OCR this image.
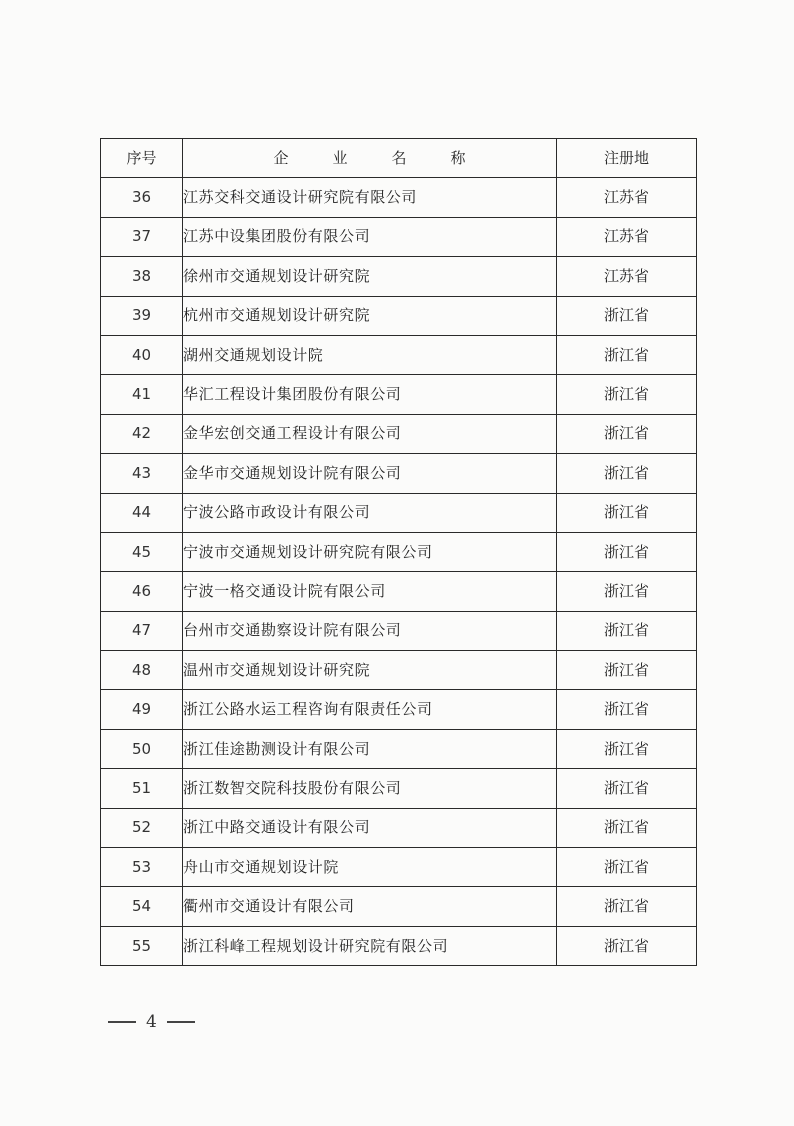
序号	企业名称	注册地
36	江苏交科交通设计研究院有限公司	江苏省
37	江苏中设集团股份有限公司	江苏省
38	徐州市交通规划设计研究院	江苏省
39	杭州市交通规划设计研究院	浙江省
40	湖州交通规划设计院	浙江省
41	华汇工程设计集团股份有限公司	浙江省
42	金华宏创交通工程设计有限公司	浙江省
43	金华市交通规划设计院有限公司	浙江省
44	宁波公路市政设计有限公司	浙江省
45	宁波市交通规划设计研究院有限公司	浙江省
46	宁波一格交通设计院有限公司	浙江省
47	台州市交通勘察设计院有限公司	浙江省
48	温州市交通规划设计研究院	浙江省
49	浙江公路水运工程咨询有限责任公司	浙江省
50	浙江佳途勘测设计有限公司	浙江省
51	浙江数智交院科技股份有限公司	浙江省
52	浙江中路交通设计有限公司	浙江省
53	舟山市交通规划设计院	浙江省
54	衢州市交通设计有限公司	浙江省
55	浙江科峰工程规划设计研究院有限公司	浙江省
4
